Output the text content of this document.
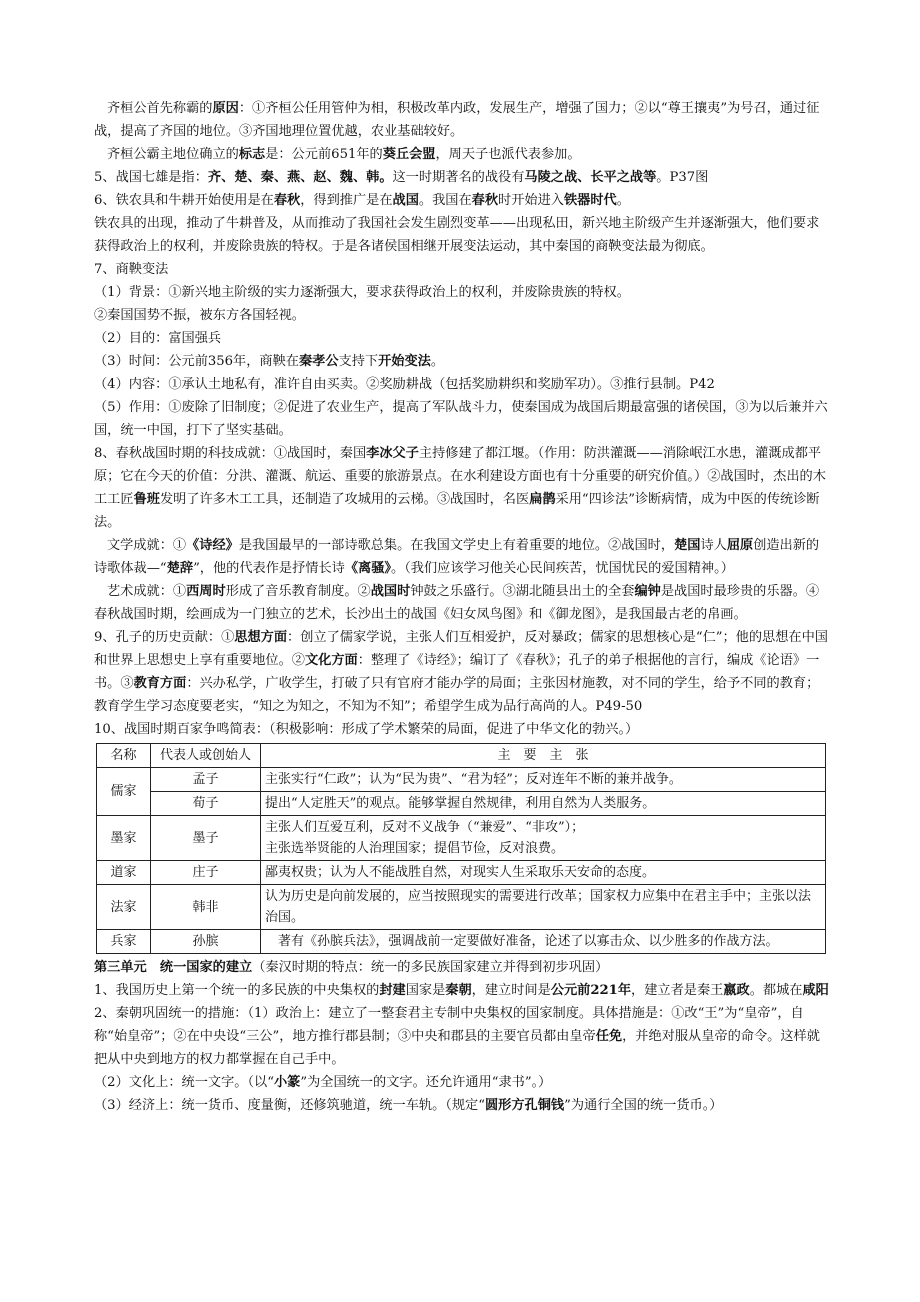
齐桓公首先称霸的原因：①齐桓公任用管仲为相，积极改革内政，发展生产，增强了国力；②以“尊王攘夷”为号召，通过征战，提高了齐国的地位。③齐国地理位置优越，农业基础较好。

齐桓公霸主地位确立的标志是：公元前651年的葵丘会盟，周天子也派代表参加。

5、战国七雄是指：齐、楚、秦、燕、赵、魏、韩。这一时期著名的战役有马陵之战、长平之战等。P37图

6、铁农具和牛耕开始使用是在春秋，得到推广是在战国。我国在春秋时开始进入铁器时代。

铁农具的出现，推动了牛耕普及，从而推动了我国社会发生剧烈变革——出现私田，新兴地主阶级产生并逐渐强大，他们要求获得政治上的权利，并废除贵族的特权。于是各诸侯国相继开展变法运动，其中秦国的商鞅变法最为彻底。

7、商鞅变法

（1）背景：①新兴地主阶级的实力逐渐强大，要求获得政治上的权利，并废除贵族的特权。

②秦国国势不振，被东方各国轻视。

（2）目的：富国强兵

（3）时间：公元前356年，商鞅在秦孝公支持下开始变法。

（4）内容：①承认土地私有，准许自由买卖。②奖励耕战（包括奖励耕织和奖励军功）。③推行县制。P42

（5）作用：①废除了旧制度；②促进了农业生产，提高了军队战斗力，使秦国成为战国后期最富强的诸侯国，③为以后兼并六国，统一中国，打下了坚实基础。

8、春秋战国时期的科技成就：①战国时，秦国李冰父子主持修建了都江堰。（作用：防洪灌溉——消除岷江水患，灌溉成都平原；它在今天的价值：分洪、灌溉、航运、重要的旅游景点。在水利建设方面也有十分重要的研究价值。）②战国时，杰出的木工工匠鲁班发明了许多木工工具，还制造了攻城用的云梯。③战国时，名医扁鹊采用“四诊法”诊断病情，成为中医的传统诊断法。

文学成就：①《诗经》是我国最早的一部诗歌总集。在我国文学史上有着重要的地位。②战国时，楚国诗人屈原创造出新的诗歌体裁—“楚辞”，他的代表作是抒情长诗《离骚》。（我们应该学习他关心民间疾苦，忧国忧民的爱国精神。）

艺术成就：①西周时形成了音乐教育制度。②战国时钟鼓之乐盛行。③湖北随县出土的全套编钟是战国时最珍贵的乐器。④春秋战国时期，绘画成为一门独立的艺术，长沙出土的战国《妇女凤鸟图》和《御龙图》，是我国最古老的帛画。

9、孔子的历史贡献：①思想方面：创立了儒家学说，主张人们互相爱护，反对暴政；儒家的思想核心是“仁”；他的思想在中国和世界上思想史上享有重要地位。②文化方面：整理了《诗经》；编订了《春秋》；孔子的弟子根据他的言行，编成《论语》一书。③教育方面：兴办私学，广收学生，打破了只有官府才能办学的局面；主张因材施教，对不同的学生，给予不同的教育；教育学生学习态度要老实，“知之为知之，不知为不知”；希望学生成为品行高尚的人。P49-50

10、战国时期百家争鸣简表：（积极影响：形成了学术繁荣的局面，促进了中华文化的勃兴。）

名称	代表人或创始人	主　要　主　张
儒家	孟子	主张实行“仁政”；认为“民为贵”、“君为轻”；反对连年不断的兼并战争。
	荀子	提出“人定胜天”的观点。能够掌握自然规律，利用自然为人类服务。
墨家	墨子	主张人们互爱互利，反对不义战争（“兼爱”、“非攻”）；
主张选举贤能的人治理国家；提倡节俭，反对浪费。

道家	庄子	鄙夷权贵；认为人不能战胜自然，对现实人生采取乐天安命的态度。
法家	韩非	认为历史是向前发展的，应当按照现实的需要进行改革；国家权力应集中在君主手中；主张以法治国。
兵家	孙膑	著有《孙膑兵法》，强调战前一定要做好准备，论述了以寡击众、以少胜多的作战方法。

第三单元　统一国家的建立（秦汉时期的特点：统一的多民族国家建立并得到初步巩固）

1、我国历史上第一个统一的多民族的中央集权的封建国家是秦朝，建立时间是公元前221年，建立者是秦王嬴政。都城在咸阳

2、秦朝巩固统一的措施：（1）政治上：建立了一整套君主专制中央集权的国家制度。具体措施是：①改“王”为“皇帝”，自称“始皇帝”；②在中央设“三公”，地方推行郡县制；③中央和郡县的主要官员都由皇帝任免，并绝对服从皇帝的命令。这样就把从中央到地方的权力都掌握在自己手中。

（2）文化上：统一文字。（以“小篆”为全国统一的文字。还允许通用“隶书”。）

（3）经济上：统一货币、度量衡，还修筑驰道，统一车轨。（规定“圆形方孔铜钱”为通行全国的统一货币。）
